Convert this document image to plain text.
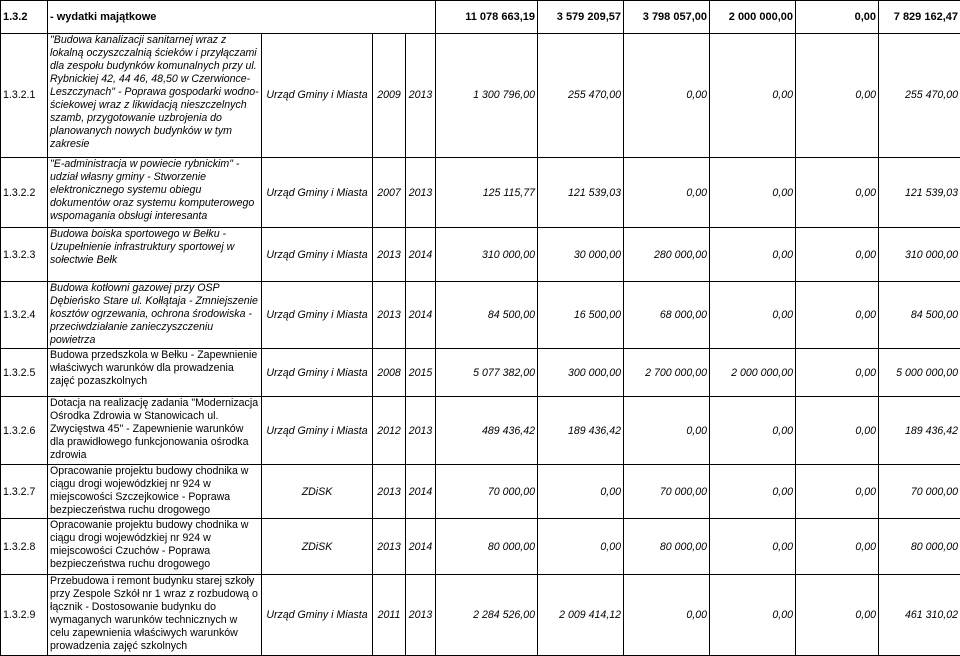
1.3.2	- wydatki majątkowe				11 078 663,19	3 579 209,57	3 798 057,00	2 000 000,00	0,00	7 829 162,47
1.3.2.1	"Budowa kanalizacji sanitarnej wraz z lokalną oczyszczalnią ścieków i przyłączami dla zespołu budynków komunalnych przy ul. Rybnickiej 42, 44 46, 48,50 w Czerwionce-Leszczynach" - Poprawa gospodarki wodno-ściekowej wraz z likwidacją nieszczelnych szamb, przygotowanie uzbrojenia do planowanych nowych budynków w tym zakresie	Urząd Gminy i Miasta	2009	2013	1 300 796,00	255 470,00	0,00	0,00	0,00	255 470,00
1.3.2.2	"E-administracja w powiecie rybnickim" - udział własny gminy - Stworzenie elektronicznego systemu obiegu dokumentów oraz systemu komputerowego wspomagania obsługi interesanta	Urząd Gminy i Miasta	2007	2013	125 115,77	121 539,03	0,00	0,00	0,00	121 539,03
1.3.2.3	Budowa boiska sportowego w Bełku - Uzupełnienie infrastruktury sportowej w sołectwie Bełk	Urząd Gminy i Miasta	2013	2014	310 000,00	30 000,00	280 000,00	0,00	0,00	310 000,00
1.3.2.4	Budowa kotłowni gazowej przy OSP Dębieńsko Stare ul. Kołłątaja - Zmniejszenie kosztów ogrzewania, ochrona środowiska - przeciwdziałanie zanieczyszczeniu powietrza	Urząd Gminy i Miasta	2013	2014	84 500,00	16 500,00	68 000,00	0,00	0,00	84 500,00
1.3.2.5	Budowa przedszkola w Bełku - Zapewnienie właściwych warunków dla prowadzenia zajęć pozaszkolnych	Urząd Gminy i Miasta	2008	2015	5 077 382,00	300 000,00	2 700 000,00	2 000 000,00	0,00	5 000 000,00
1.3.2.6	Dotacja na realizację zadania "Modernizacja Ośrodka Zdrowia w Stanowicach ul. Zwycięstwa 45" - Zapewnienie warunków dla prawidłowego funkcjonowania ośrodka zdrowia	Urząd Gminy i Miasta	2012	2013	489 436,42	189 436,42	0,00	0,00	0,00	189 436,42
1.3.2.7	Opracowanie projektu budowy chodnika w ciągu drogi wojewódzkiej nr 924 w miejscowości Szczejkowice - Poprawa bezpieczeństwa ruchu drogowego	ZDiSK	2013	2014	70 000,00	0,00	70 000,00	0,00	0,00	70 000,00
1.3.2.8	Opracowanie projektu budowy chodnika w ciągu drogi wojewódzkiej nr 924 w miejscowości Czuchów - Poprawa bezpieczeństwa ruchu drogowego	ZDiSK	2013	2014	80 000,00	0,00	80 000,00	0,00	0,00	80 000,00
1.3.2.9	Przebudowa i remont budynku starej szkoły przy Zespole Szkół nr 1 wraz z rozbudową o łącznik - Dostosowanie budynku do wymaganych warunków technicznych w celu zapewnienia właściwych warunków prowadzenia zajęć szkolnych	Urząd Gminy i Miasta	2011	2013	2 284 526,00	2 009 414,12	0,00	0,00	0,00	461 310,02
